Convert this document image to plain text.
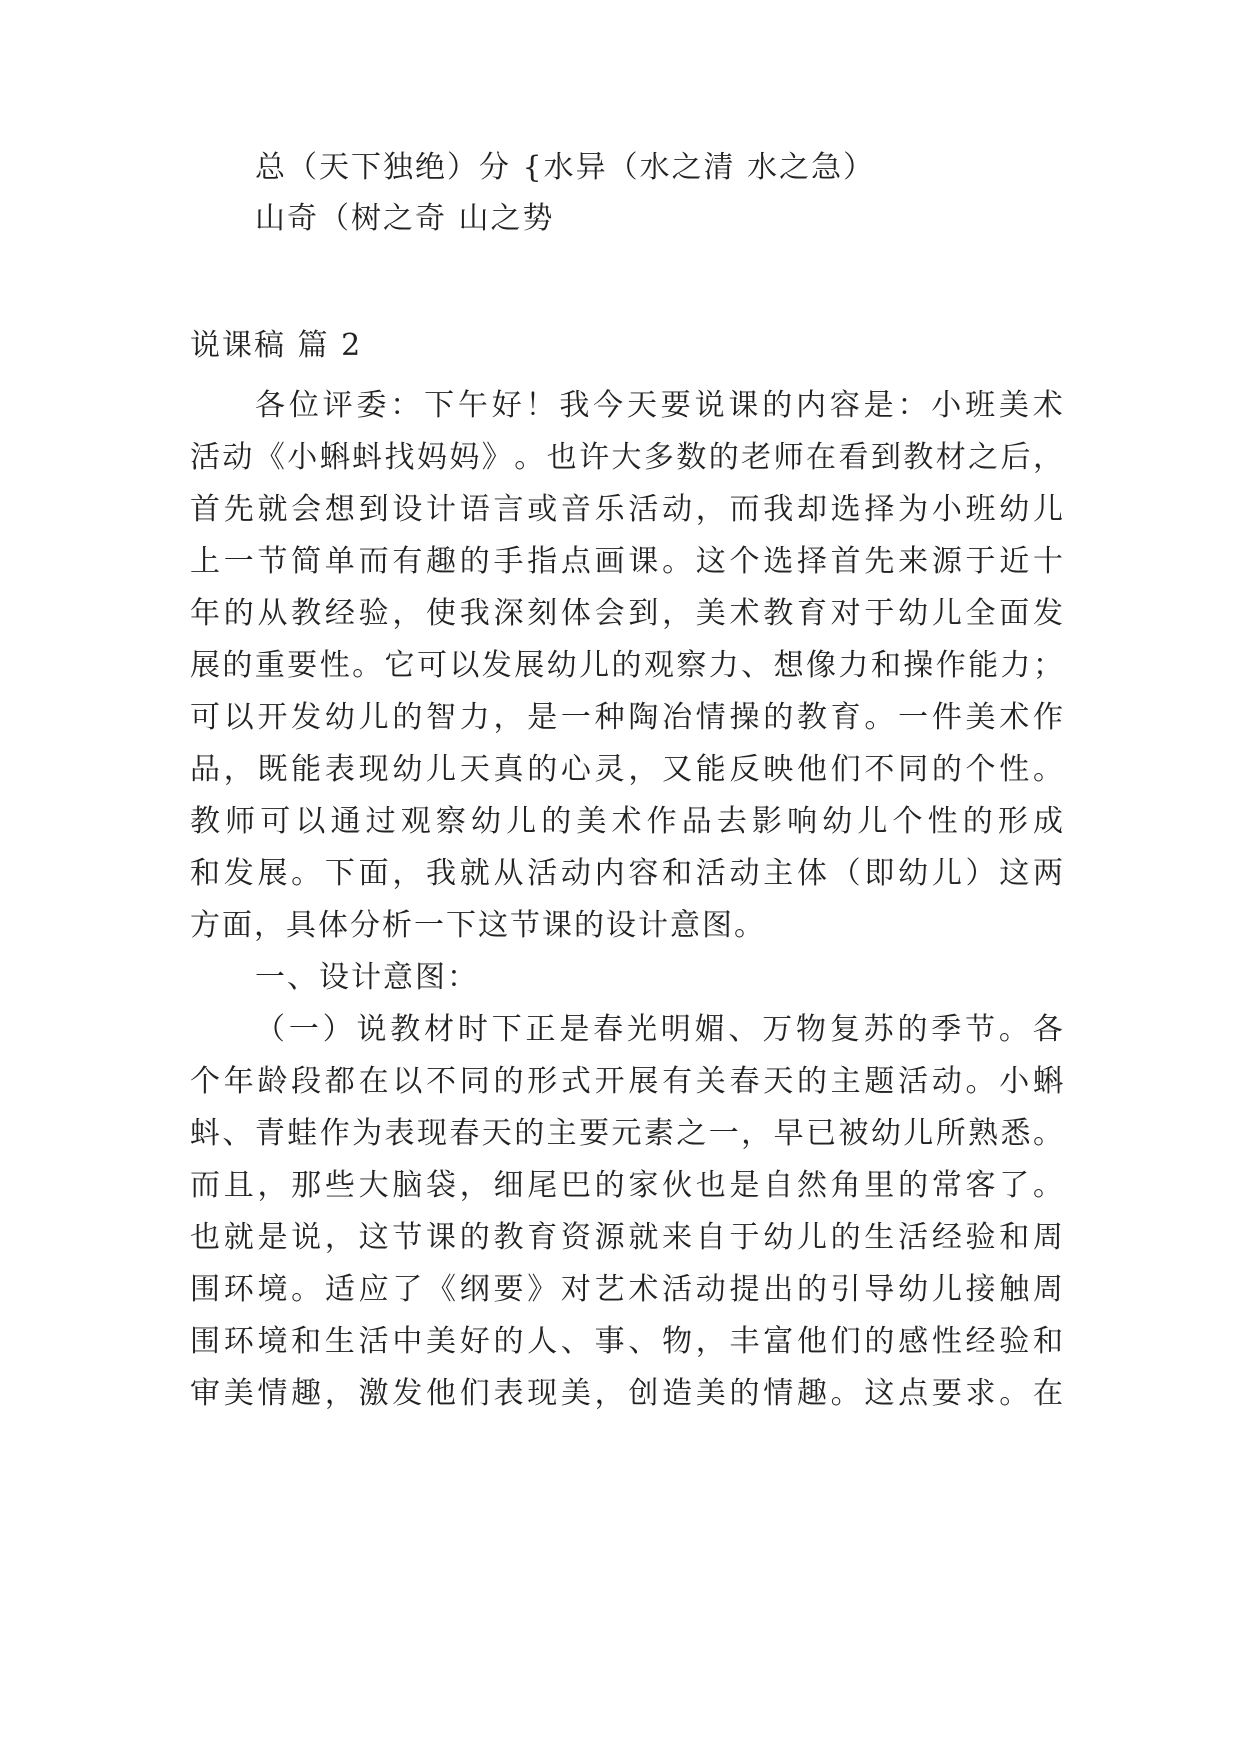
总（天下独绝）分 {水异（水之清 水之急）
山奇（树之奇 山之势
说课稿 篇 2
各 位 评 委 ： 下 午 好 ！ 我 今 天 要 说 课 的 内 容 是 ： 小 班 美 术
活 动 《 小 蝌 蚪 找 妈 妈 》 。 也 许 大 多 数 的 老 师 在 看 到 教 材 之 后 ，
首 先 就 会 想 到 设 计 语 言 或 音 乐 活 动 ， 而 我 却 选 择 为 小 班 幼 儿
上 一 节 简 单 而 有 趣 的 手 指 点 画 课 。 这 个 选 择 首 先 来 源 于 近 十
年 的 从 教 经 验 ， 使 我 深 刻 体 会 到 ， 美 术 教 育 对 于 幼 儿 全 面 发
展 的 重 要 性 。 它 可 以 发 展 幼 儿 的 观 察 力 、 想 像 力 和 操 作 能 力 ；
可 以 开 发 幼 儿 的 智 力 ， 是 一 种 陶 冶 情 操 的 教 育 。 一 件 美 术 作
品 ， 既 能 表 现 幼 儿 天 真 的 心 灵 ， 又 能 反 映 他 们 不 同 的 个 性 。
教 师 可 以 通 过 观 察 幼 儿 的 美 术 作 品 去 影 响 幼 儿 个 性 的 形 成
和 发 展 。 下 面 ， 我 就 从 活 动 内 容 和 活 动 主 体 （ 即 幼 儿 ） 这 两
方面，具体分析一下这节课的设计意图。
一、设计意图：
（ 一 ） 说 教 材 时 下 正 是 春 光 明 媚 、 万 物 复 苏 的 季 节 。 各
个 年 龄 段 都 在 以 不 同 的 形 式 开 展 有 关 春 天 的 主 题 活 动 。 小 蝌
蚪 、 青 蛙 作 为 表 现 春 天 的 主 要 元 素 之 一 ， 早 已 被 幼 儿 所 熟 悉 。
而 且 ， 那 些 大 脑 袋 ， 细 尾 巴 的 家 伙 也 是 自 然 角 里 的 常 客 了 。
也 就 是 说 ， 这 节 课 的 教 育 资 源 就 来 自 于 幼 儿 的 生 活 经 验 和 周
围 环 境 。 适 应 了 《 纲 要 》 对 艺 术 活 动 提 出 的 引 导 幼 儿 接 触 周
围 环 境 和 生 活 中 美 好 的 人 、 事 、 物 ， 丰 富 他 们 的 感 性 经 验 和
审 美 情 趣 ， 激 发 他 们 表 现 美 ， 创 造 美 的 情 趣 。 这 点 要 求 。 在
